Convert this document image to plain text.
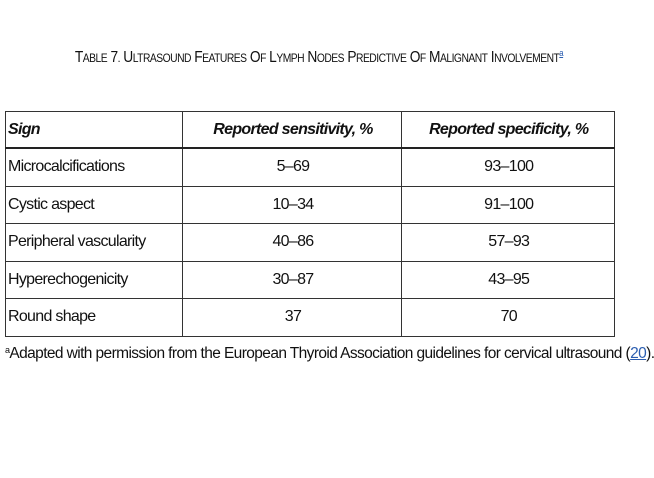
TABLE 7. ULTRASOUND FEATURES OF LYMPH NODES PREDICTIVE OF MALIGNANT INVOLVEMENT$^a$
Sign	Reported sensitivity, %	Reported specificity, %
Microcalcifications	5–69	93–100
Cystic aspect	10–34	91–100
Peripheral vascularity	40–86	57–93
Hyperechogenicity	30–87	43–95
Round shape	37	70
$^a$Adapted with permission from the European Thyroid Association guidelines for cervical ultrasound (20).
